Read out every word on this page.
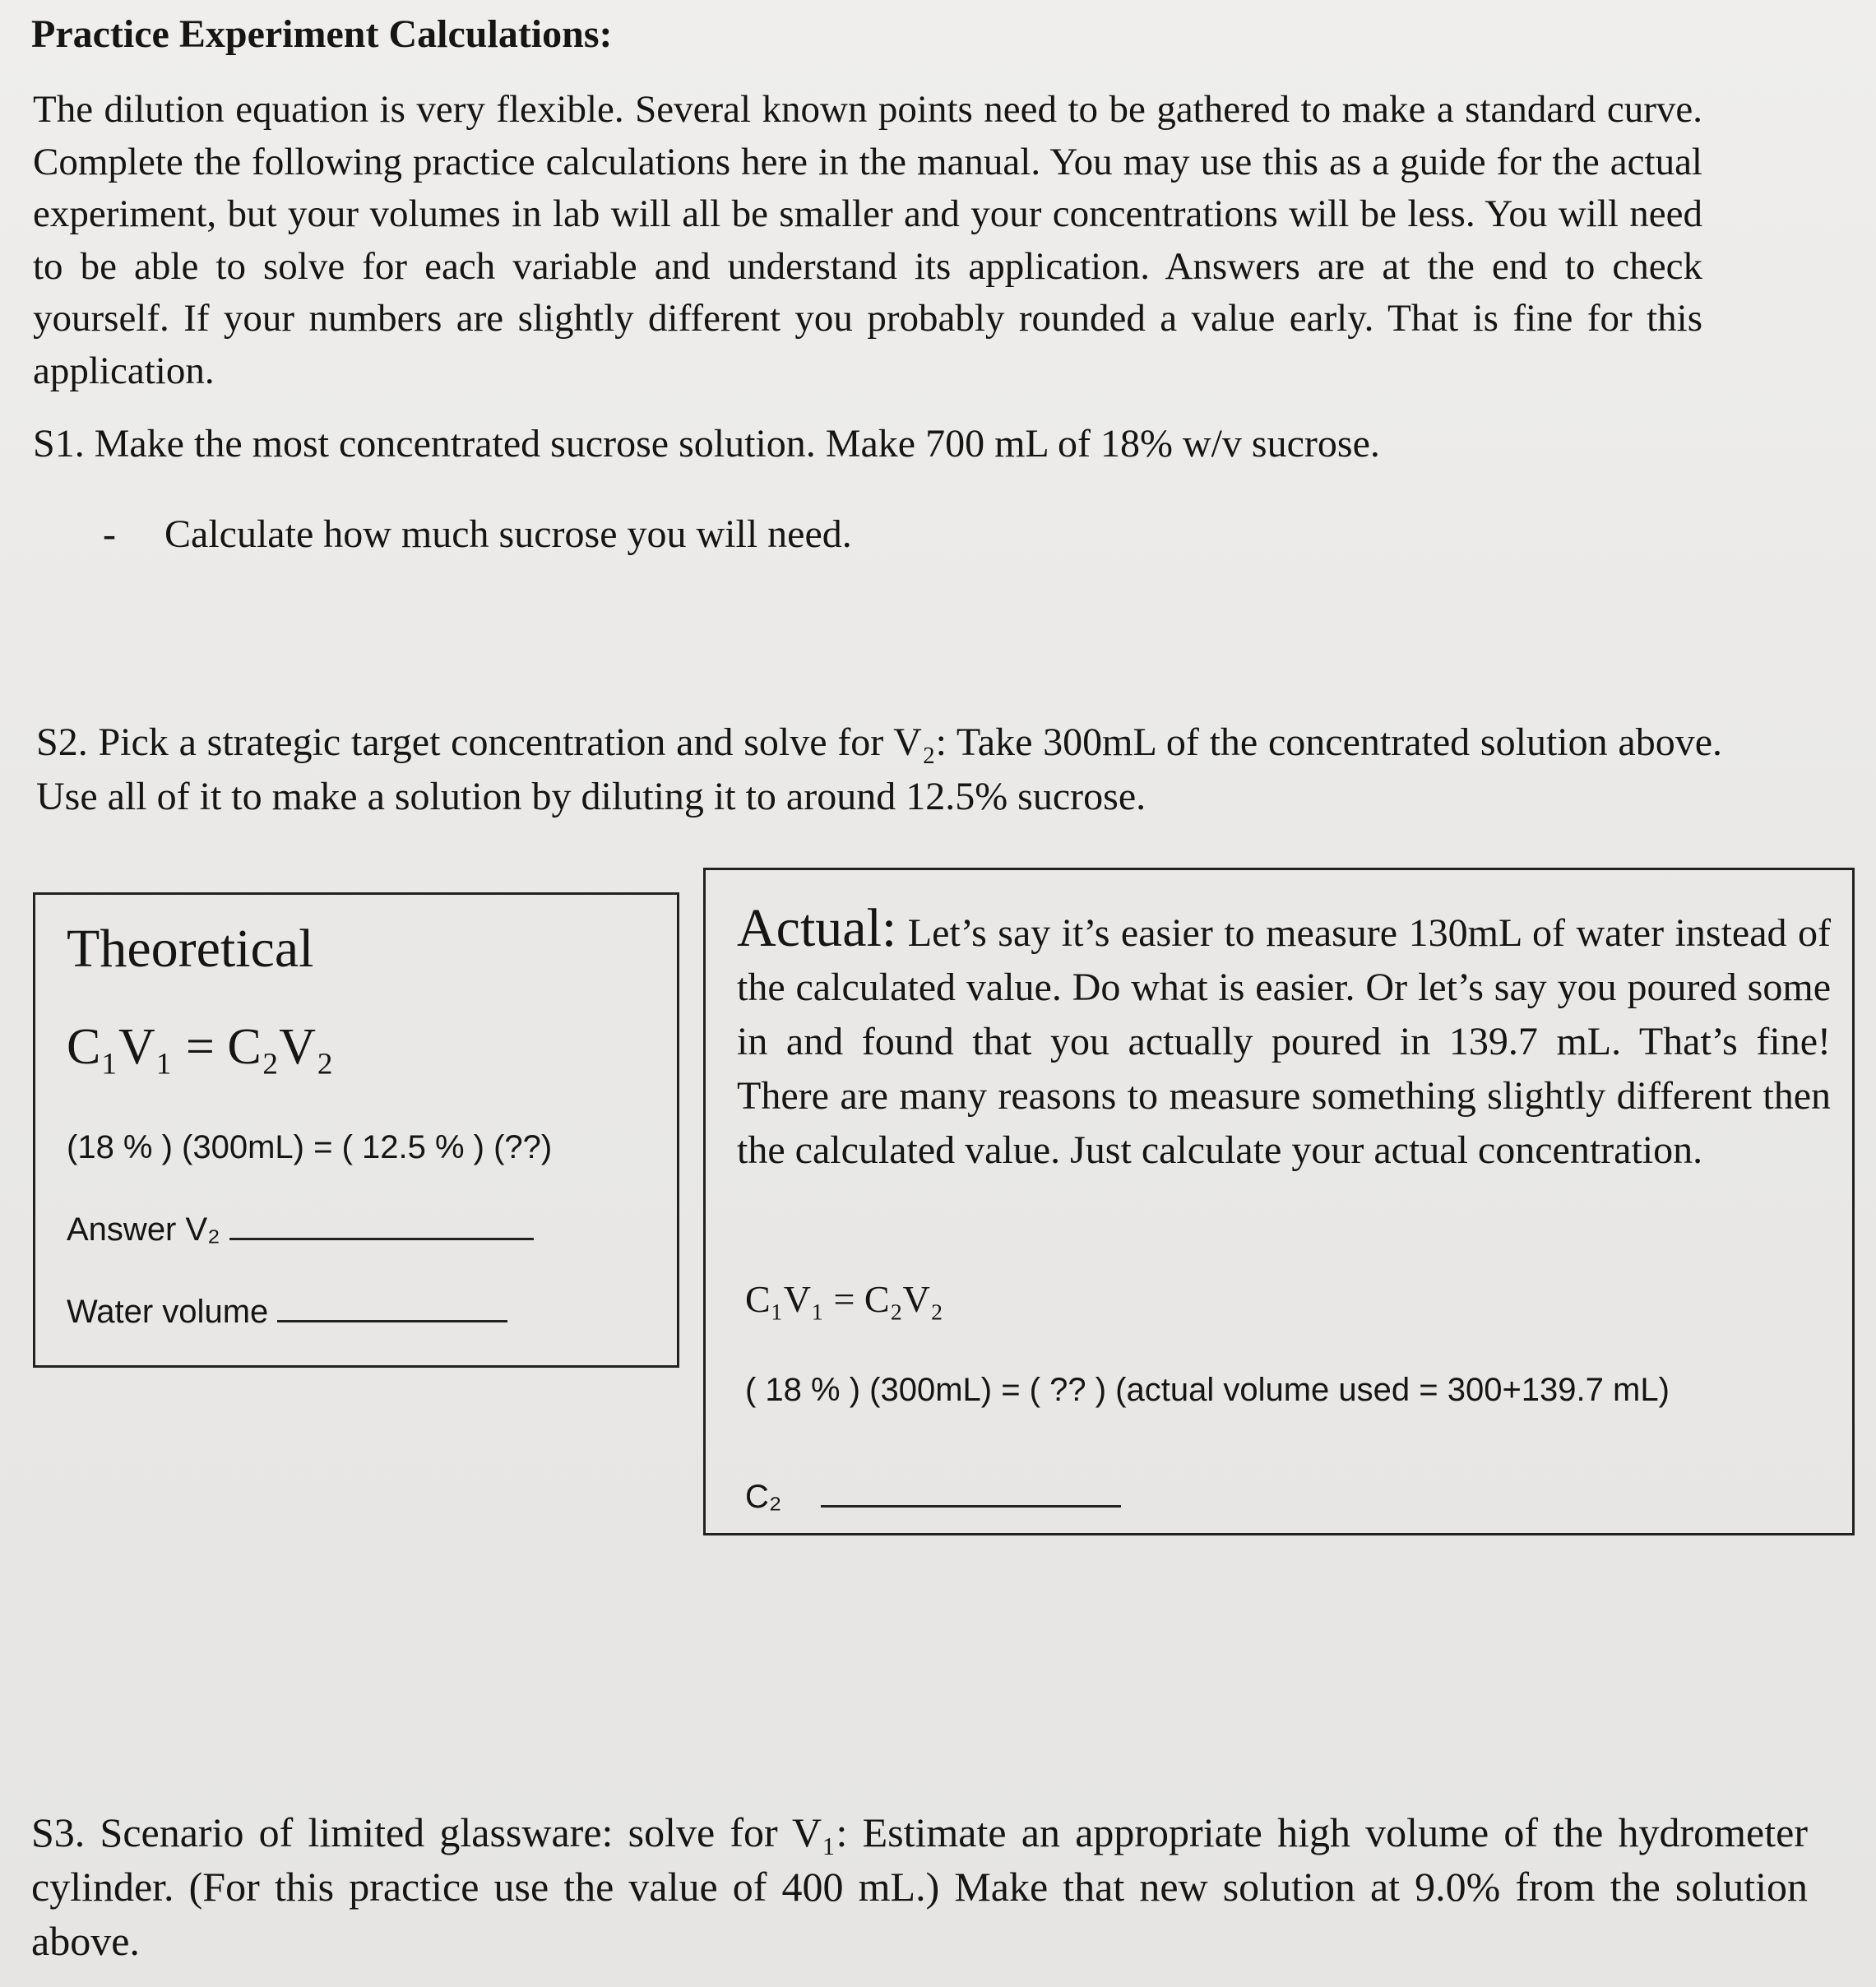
Practice Experiment Calculations:
The dilution equation is very flexible. Several known points need to be gathered to make a standard curve. Complete the following practice calculations here in the manual. You may use this as a guide for the actual experiment, but your volumes in lab will all be smaller and your concentrations will be less. You will need to be able to solve for each variable and understand its application. Answers are at the end to check yourself. If your numbers are slightly different you probably rounded a value early. That is fine for this application.
S1. Make the most concentrated sucrose solution. Make 700 mL of 18% w/v sucrose.
- Calculate how much sucrose you will need.
S2. Pick a strategic target concentration and solve for V₂: Take 300mL of the concentrated solution above. Use all of it to make a solution by diluting it to around 12.5% sucrose.
Theoretical
C₁V₁ = C₂V₂
(18 % ) (300mL) = ( 12.5 % ) (??)
Answer V₂
Water volume
Actual: Let’s say it’s easier to measure 130mL of water instead of the calculated value. Do what is easier. Or let’s say you poured some in and found that you actually poured in 139.7 mL. That’s fine! There are many reasons to measure something slightly different then the calculated value. Just calculate your actual concentration.
C₁V₁ = C₂V₂
( 18 % ) (300mL) = ( ?? ) (actual volume used = 300+139.7 mL)
C₂
S3. Scenario of limited glassware: solve for V₁: Estimate an appropriate high volume of the hydrometer cylinder. (For this practice use the value of 400 mL.) Make that new solution at 9.0% from the solution above.
